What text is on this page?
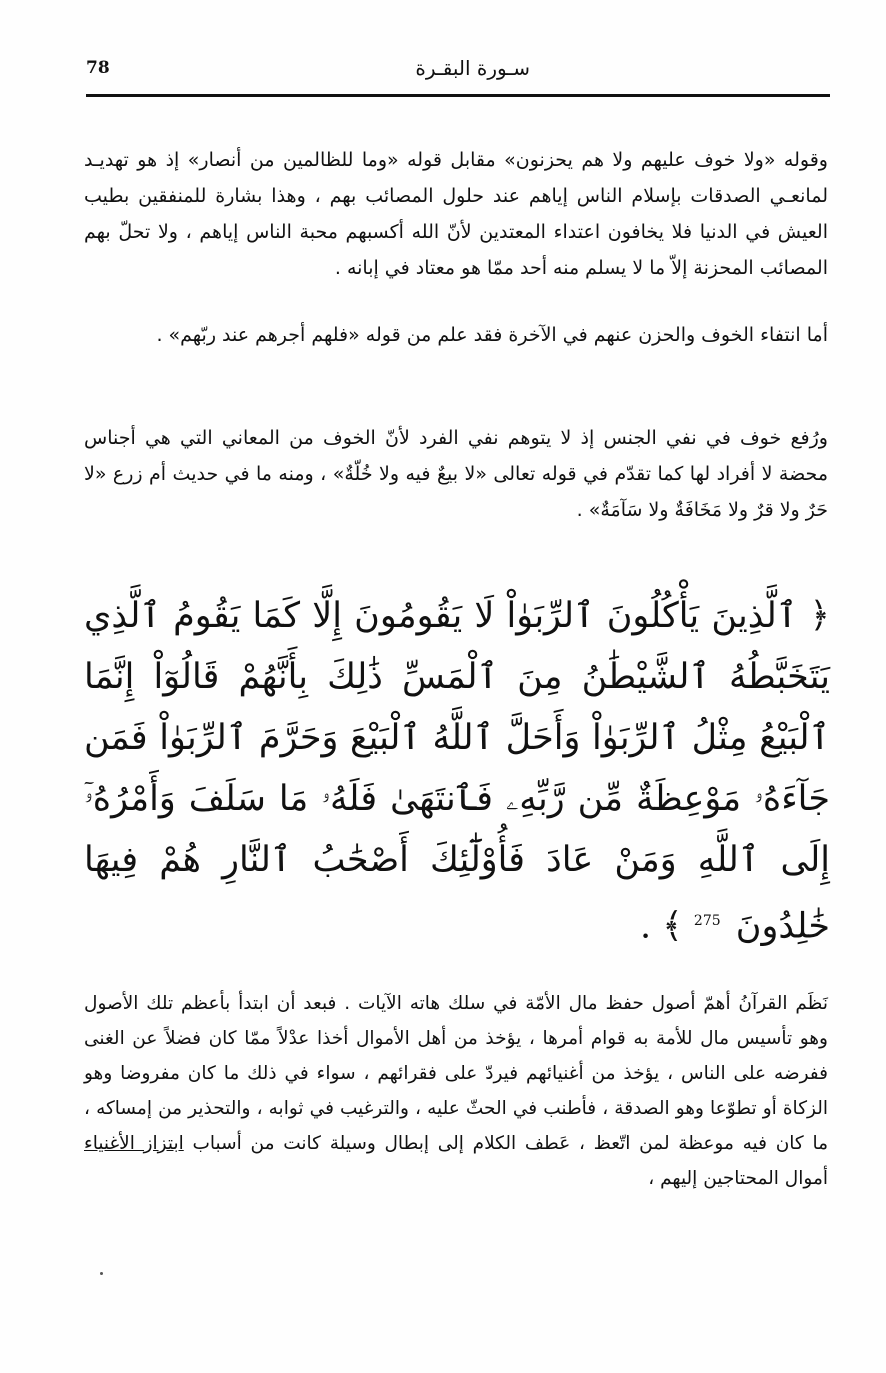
78	سـورة البقـرة

وقوله «ولا خوف عليهم ولا هم يحزنون» مقابل قوله «وما للظالمين من أنصار» إذ هو تهديـد لمانعـي الصدقات بإسلام الناس إياهم عند حلول المصائب بهم ، وهذا بشارة للمنفقين بطيب العيش في الدنيا فلا يخافون اعتداء المعتدين لأنّ الله أكسبهم محبة الناس إياهم ، ولا تحلّ بهم المصائب المحزنة إلاّ ما لا يسلم منه أحد ممّا هو معتاد في إبانه .

أما انتفاء الخوف والحزن عنهم في الآخرة فقد علم من قوله «فلهم أجرهم عند ربّهم» .

ورُفع خوف في نفي الجنس إذ لا يتوهم نفي الفرد لأنّ الخوف من المعاني التي هي أجناس محضة لا أفراد لها كما تقدّم في قوله تعالى «لا بيعٌ فيه ولا خُلّةٌ» ، ومنه ما في حديث أم زرع «لا حَرٌ ولا قرٌ ولا مَخَافَةٌ ولا سَآمَةٌ» .

﴿ ٱلَّذِينَ يَأْكُلُونَ ٱلرِّبَوٰاْ لَا يَقُومُونَ إِلَّا كَمَا يَقُومُ ٱلَّذِي يَتَخَبَّطُهُ ٱلشَّيْطَٰنُ مِنَ ٱلْمَسِّ ذَٰلِكَ بِأَنَّهُمْ قَالُوٓاْ إِنَّمَا ٱلْبَيْعُ مِثْلُ ٱلرِّبَوٰاْ وَأَحَلَّ ٱللَّهُ ٱلْبَيْعَ وَحَرَّمَ ٱلرِّبَوٰاْ فَمَن جَآءَهُۥ مَوْعِظَةٌ مِّن رَّبِّهِۦ فَٱنتَهَىٰ فَلَهُۥ مَا سَلَفَ وَأَمْرُهُۥٓ إِلَى ٱللَّهِ وَمَنْ عَادَ فَأُوْلَٰٓئِكَ أَصْحَٰبُ ٱلنَّارِ هُمْ فِيهَا خَٰلِدُونَ $^{275}$ ﴾ .

نَظَم القرآنُ أهمّ أصول حفظ مال الأمّة في سلك هاته الآيات . فبعد أن ابتدأ بأعظم تلك الأصول وهو تأسيس مال للأمة به قوام أمرها ، يؤخذ من أهل الأموال أخذا عدْلاً ممّا كان فضلاً عن الغنى ففرضه على الناس ، يؤخذ من أغنيائهم فيردّ على فقرائهم ، سواء في ذلك ما كان مفروضا وهو الزكاة أو تطوّعا وهو الصدقة ، فأطنب في الحثّ عليه ، والترغيب في ثوابه ، والتحذير من إمساكه ، ما كان فيه موعظة لمن اتّعظ ، عَطف الكلام إلى إبطال وسيلة كانت من أسباب ابتزاز الأغنياء أموال المحتاجين إليهم ،
